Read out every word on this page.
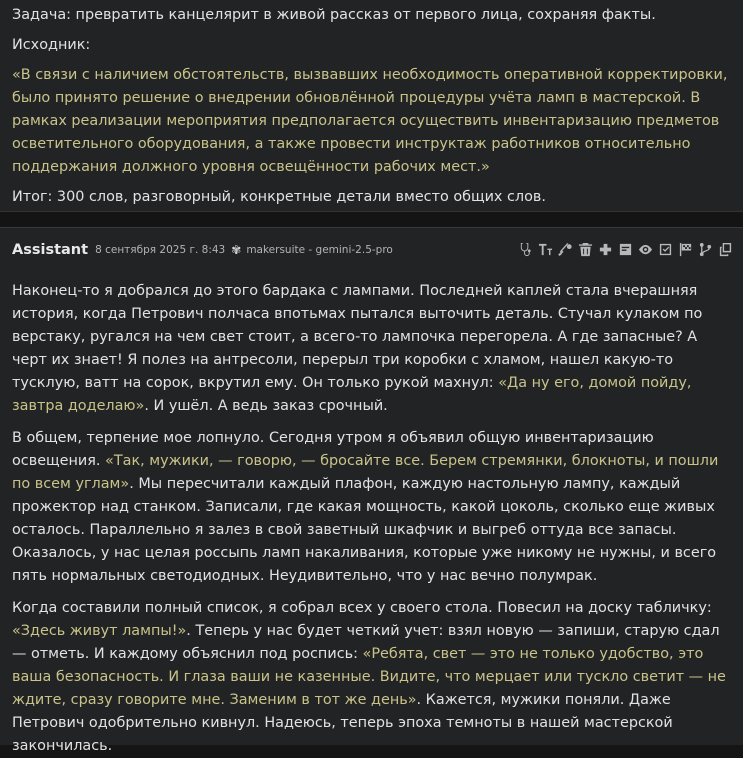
Задача: превратить канцелярит в живой рассказ от первого лица, сохраняя факты.

Исходник:

«В связи с наличием обстоятельств, вызвавших необходимость оперативной корректировки, было принято решение о внедрении обновлённой процедуры учёта ламп в мастерской. В рамках реализации мероприятия предполагается осуществить инвентаризацию предметов осветительного оборудования, а также провести инструктаж работников относительно поддержания должного уровня освещённости рабочих мест.»

Итог: 300 слов, разговорный, конкретные детали вместо общих слов.

Assistant 8 сентября 2025 г. 8:43 ✾ makersuite - gemini-2.5-pro

Наконец-то я добрался до этого бардака с лампами. Последней каплей стала вчерашняя история, когда Петрович полчаса впотьмах пытался выточить деталь. Стучал кулаком по верстаку, ругался на чем свет стоит, а всего-то лампочка перегорела. А где запасные? А черт их знает! Я полез на антресоли, перерыл три коробки с хламом, нашел какую-то тусклую, ватт на сорок, вкрутил ему. Он только рукой махнул: «Да ну его, домой пойду, завтра доделаю». И ушёл. А ведь заказ срочный.

В общем, терпение мое лопнуло. Сегодня утром я объявил общую инвентаризацию освещения. «Так, мужики, — говорю, — бросайте все. Берем стремянки, блокноты, и пошли по всем углам». Мы пересчитали каждый плафон, каждую настольную лампу, каждый прожектор над станком. Записали, где какая мощность, какой цоколь, сколько еще живых осталось. Параллельно я залез в свой заветный шкафчик и выгреб оттуда все запасы. Оказалось, у нас целая россыпь ламп накаливания, которые уже никому не нужны, и всего пять нормальных светодиодных. Неудивительно, что у нас вечно полумрак.

Когда составили полный список, я собрал всех у своего стола. Повесил на доску табличку: «Здесь живут лампы!». Теперь у нас будет четкий учет: взял новую — запиши, старую сдал — отметь. И каждому объяснил под роспись: «Ребята, свет — это не только удобство, это ваша безопасность. И глаза ваши не казенные. Видите, что мерцает или тускло светит — не ждите, сразу говорите мне. Заменим в тот же день». Кажется, мужики поняли. Даже Петрович одобрительно кивнул. Надеюсь, теперь эпоха темноты в нашей мастерской закончилась.
